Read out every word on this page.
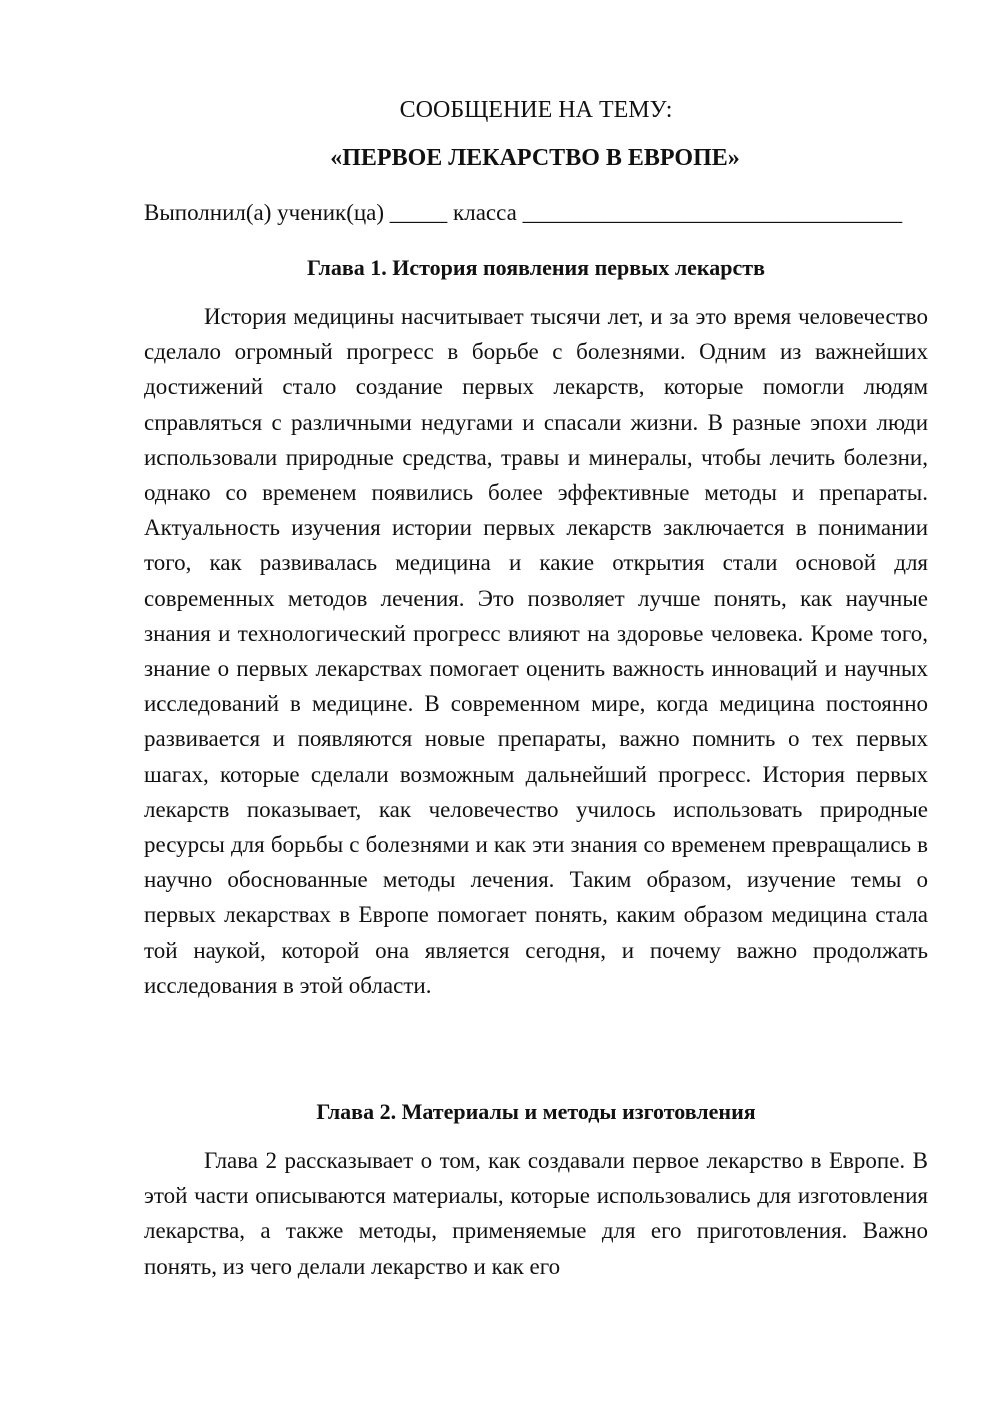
СООБЩЕНИЕ НА ТЕМУ:
«ПЕРВОЕ ЛЕКАРСТВО В ЕВРОПЕ»
Выполнил(а) ученик(ца) _____ класса _________________________________
Глава 1. История появления первых лекарств

История медицины насчитывает тысячи лет, и за это время человечество сделало огромный прогресс в борьбе с болезнями. Одним из важнейших достижений стало создание первых лекарств, которые помогли людям справляться с различными недугами и спасали жизни. В разные эпохи люди использовали природные средства, травы и минералы, чтобы лечить болезни, однако со временем появились более эффективные методы и препараты. Актуальность изучения истории первых лекарств заключается в понимании того, как развивалась медицина и какие открытия стали основой для современных методов лечения. Это позволяет лучше понять, как научные знания и технологический прогресс влияют на здоровье человека. Кроме того, знание о первых лекарствах помогает оценить важность инноваций и научных исследований в медицине. В современном мире, когда медицина постоянно развивается и появляются новые препараты, важно помнить о тех первых шагах, которые сделали возможным дальнейший прогресс. История первых лекарств показывает, как человечество училось использовать природные ресурсы для борьбы с болезнями и как эти знания со временем превращались в научно обоснованные методы лечения. Таким образом, изучение темы о первых лекарствах в Европе помогает понять, каким образом медицина стала той наукой, которой она является сегодня, и почему важно продолжать исследования в этой области.

Глава 2. Материалы и методы изготовления

Глава 2 рассказывает о том, как создавали первое лекарство в Европе. В этой части описываются материалы, которые использовались для изготовления лекарства, а также методы, применяемые для его приготовления. Важно понять, из чего делали лекарство и как его
